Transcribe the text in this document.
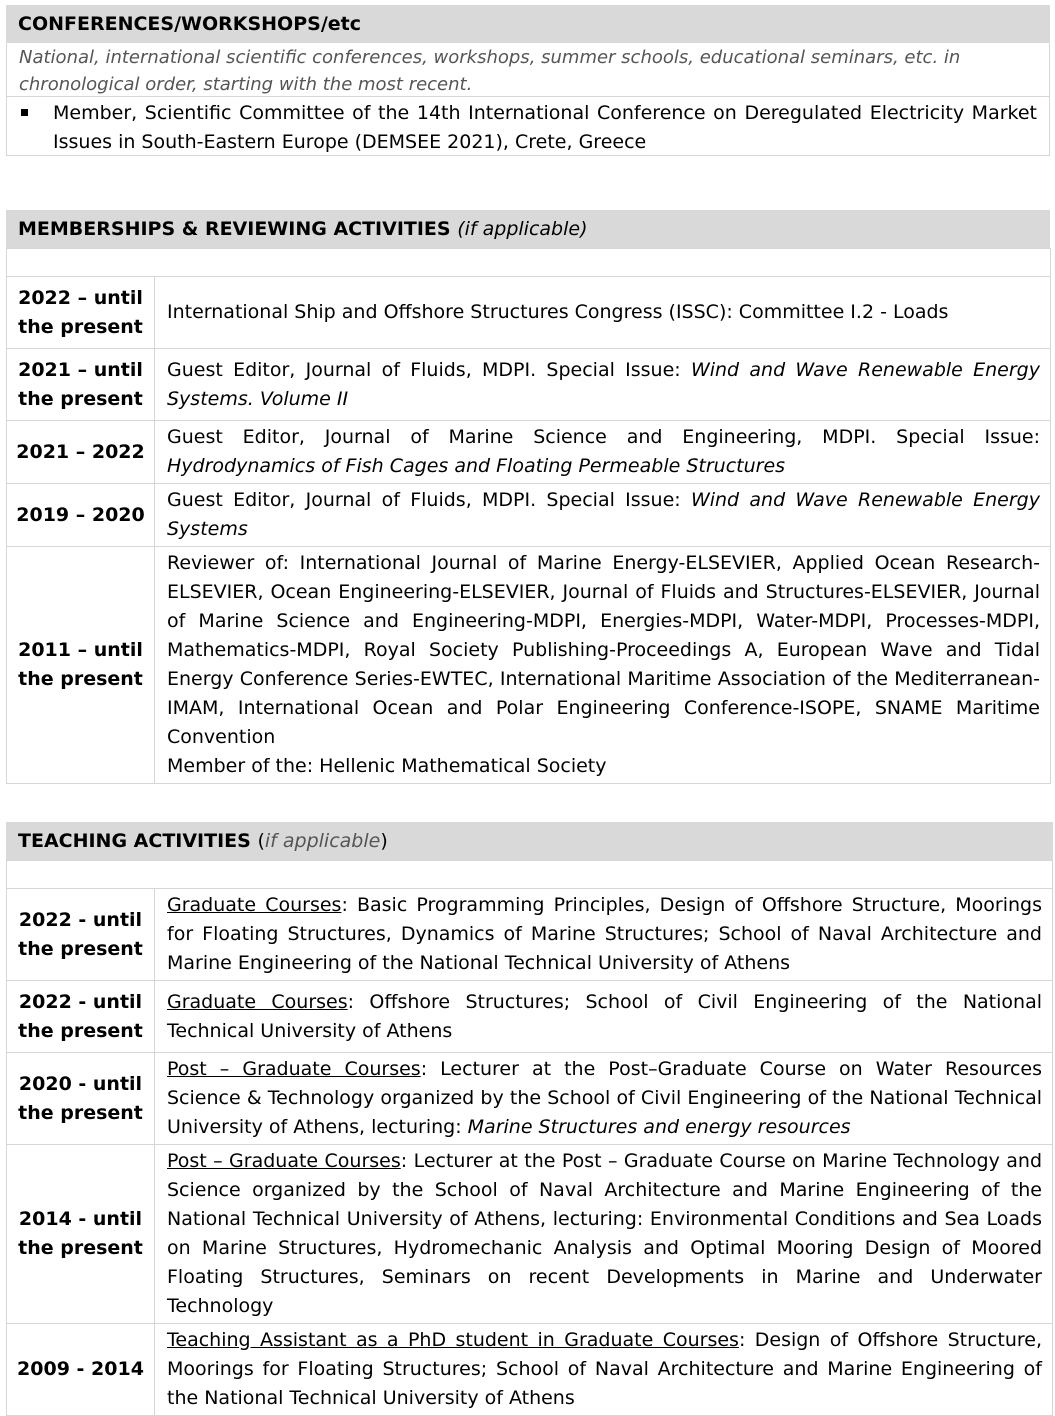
CONFERENCES/WORKSHOPS/etc
National, international scientific conferences, workshops, summer schools, educational seminars, etc. in chronological order, starting with the most recent.
Member, Scientific Committee of the 14th International Conference on Deregulated Electricity Market Issues in South-Eastern Europe (DEMSEE 2021), Crete, Greece
MEMBERSHIPS & REVIEWING ACTIVITIES (if applicable)

2022 – until the present	International Ship and Offshore Structures Congress (ISSC): Committee I.2 - Loads
2021 – until the present	Guest Editor, Journal of Fluids, MDPI. Special Issue: Wind and Wave Renewable Energy Systems. Volume II
2021 – 2022	Guest Editor, Journal of Marine Science and Engineering, MDPI. Special Issue: Hydrodynamics of Fish Cages and Floating Permeable Structures
2019 – 2020	Guest Editor, Journal of Fluids, MDPI. Special Issue: Wind and Wave Renewable Energy Systems
2011 – until the present	Reviewer of: International Journal of Marine Energy-ELSEVIER, Applied Ocean Research-ELSEVIER, Ocean Engineering-ELSEVIER, Journal of Fluids and Structures-ELSEVIER, Journal of Marine Science and Engineering-MDPI, Energies-MDPI, Water-MDPI, Processes-MDPI, Mathematics-MDPI, Royal Society Publishing-Proceedings A, European Wave and Tidal Energy Conference Series-EWTEC, International Maritime Association of the Mediterranean-IMAM, International Ocean and Polar Engineering Conference-ISOPE, SNAME Maritime Convention
Member of the: Hellenic Mathematical Society
TEACHING ACTIVITIES (if applicable)

2022 - until the present	Graduate Courses: Basic Programming Principles, Design of Offshore Structure, Moorings for Floating Structures, Dynamics of Marine Structures; School of Naval Architecture and Marine Engineering of the National Technical University of Athens
2022 - until the present	Graduate Courses: Offshore Structures; School of Civil Engineering of the National Technical University of Athens
2020 - until the present	Post – Graduate Courses: Lecturer at the Post–Graduate Course on Water Resources Science & Technology organized by the School of Civil Engineering of the National Technical University of Athens, lecturing: Marine Structures and energy resources
2014 - until the present	Post – Graduate Courses: Lecturer at the Post – Graduate Course on Marine Technology and Science organized by the School of Naval Architecture and Marine Engineering of the National Technical University of Athens, lecturing: Environmental Conditions and Sea Loads on Marine Structures, Hydromechanic Analysis and Optimal Mooring Design of Moored Floating Structures, Seminars on recent Developments in Marine and Underwater Technology
2009 - 2014	Teaching Assistant as a PhD student in Graduate Courses: Design of Offshore Structure, Moorings for Floating Structures; School of Naval Architecture and Marine Engineering of the National Technical University of Athens
